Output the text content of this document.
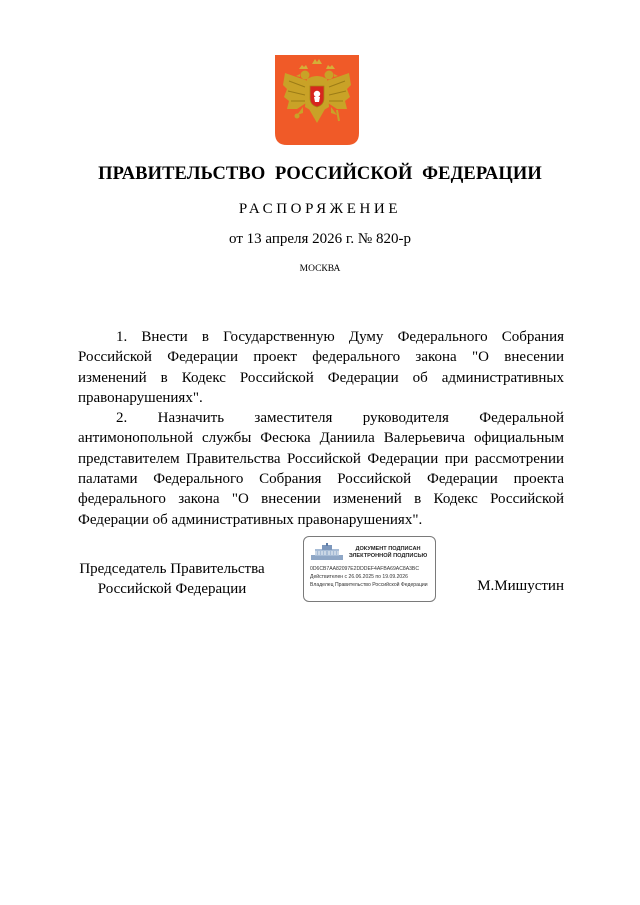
ПРАВИТЕЛЬСТВО РОССИЙСКОЙ ФЕДЕРАЦИИ
РАСПОРЯЖЕНИЕ
от 13 апреля 2026 г. № 820-р
МОСКВА

1. Внести в Государственную Думу Федерального Собрания Российской Федерации проект федерального закона "О внесении изменений в Кодекс Российской Федерации об административных правонарушениях".

2. Назначить заместителя руководителя Федеральной антимонопольной службы Фесюка Даниила Валерьевича официальным представителем Правительства Российской Федерации при рассмотрении палатами Федерального Собрания Российской Федерации проекта федерального закона "О внесении изменений в Кодекс Российской Федерации об административных правонарушениях".

Председатель Правительства
Российской Федерации
ДОКУМЕНТ ПОДПИСАН
ЭЛЕКТРОННОЙ ПОДПИСЬЮ
0D6CB7AA82097E2DDDEF4AFBA69AC8A3BC
Действителен с 26.06.2025 по 19.09.2026
Владелец Правительство Российской Федерации	М.Мишустин
